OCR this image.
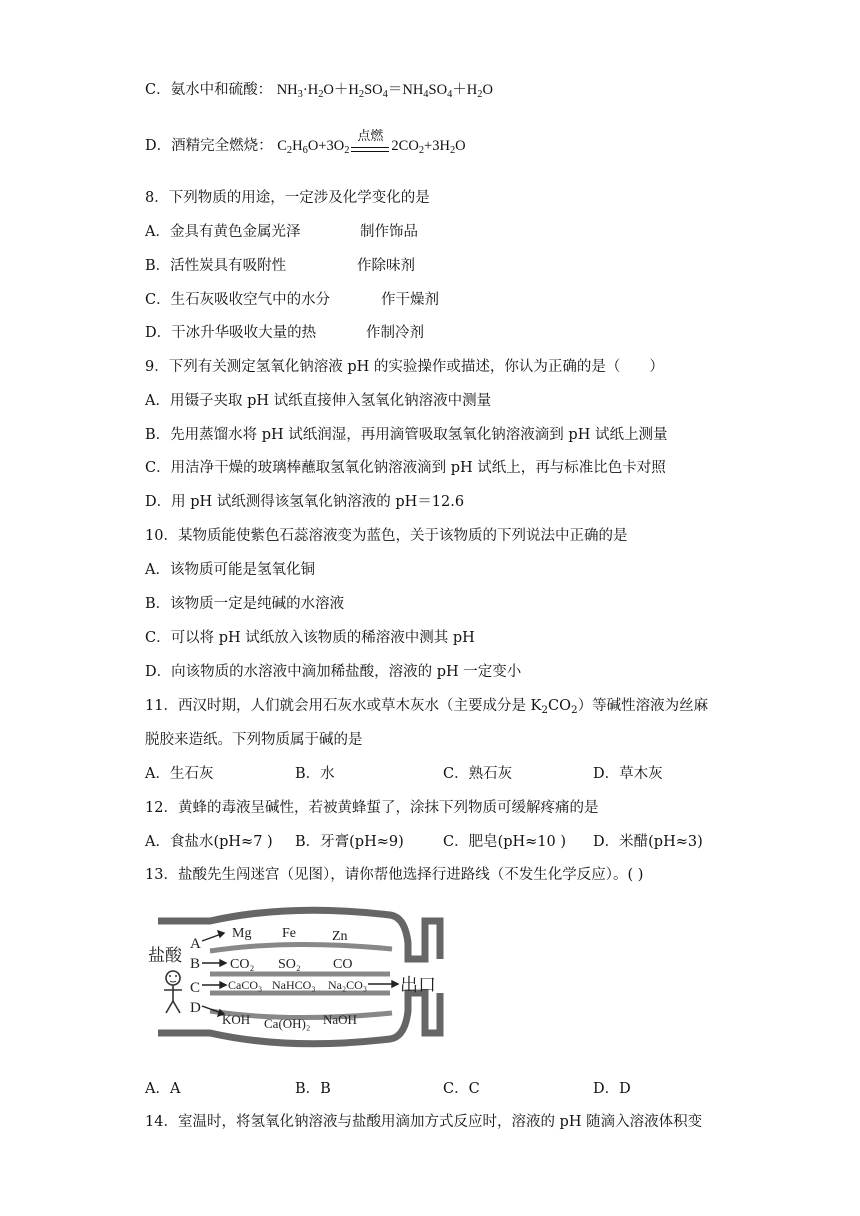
C．氨水中和硫酸： $NH_3\cdot H_2O+H_2SO_4=NH_4SO_4+H_2O$
D．酒精完全燃烧： $C_2H_6O+3O_2$
点燃
$2CO_2+3H_2O$
8．下列物质的用途，一定涉及化学变化的是
A．金具有黄色金属光泽	制作饰品
B．活性炭具有吸附性	作除味剂
C．生石灰吸收空气中的水分	作干燥剂
D．干冰升华吸收大量的热	作制冷剂
9．下列有关测定氢氧化钠溶液 pH 的实验操作或描述，你认为正确的是（　　）
A．用镊子夹取 pH 试纸直接伸入氢氧化钠溶液中测量
B．先用蒸馏水将 pH 试纸润湿，再用滴管吸取氢氧化钠溶液滴到 pH 试纸上测量
C．用洁净干燥的玻璃棒蘸取氢氧化钠溶液滴到 pH 试纸上，再与标准比色卡对照
D．用 pH 试纸测得该氢氧化钠溶液的 pH＝12.6
10．某物质能使紫色石蕊溶液变为蓝色，关于该物质的下列说法中正确的是
A．该物质可能是氢氧化铜
B．该物质一定是纯碱的水溶液
C．可以将 pH 试纸放入该物质的稀溶液中测其 pH
D．向该物质的水溶液中滴加稀盐酸，溶液的 pH 一定变小
11．西汉时期，人们就会用石灰水或草木灰水（主要成分是 $K_2CO_2$）等碱性溶液为丝麻
脱胶来造纸。下列物质属于碱的是
A．生石灰	B．水	C．熟石灰	D．草木灰
12．黄蜂的毒液呈碱性，若被黄蜂蜇了，涂抹下列物质可缓解疼痛的是
A．食盐水(pH≈7 ) B．牙膏(pH≈9)	C．肥皂(pH≈10 ) D．米醋(pH≈3)
13．盐酸先生闯迷宫（见图），请你帮他选择行进路线（不发生化学反应）。( )
盐酸
A
B
C
D
Mg Fe	Zn
CO₂ SO₂ CO
CaCO₃ NaHCO₃ Na₂CO₃
KOH Ca(OH)₂ NaOH
出口
A．A	B．B	C．C	D．D
14．室温时，将氢氧化钠溶液与盐酸用滴加方式反应时，溶液的 pH 随滴入溶液体积变
